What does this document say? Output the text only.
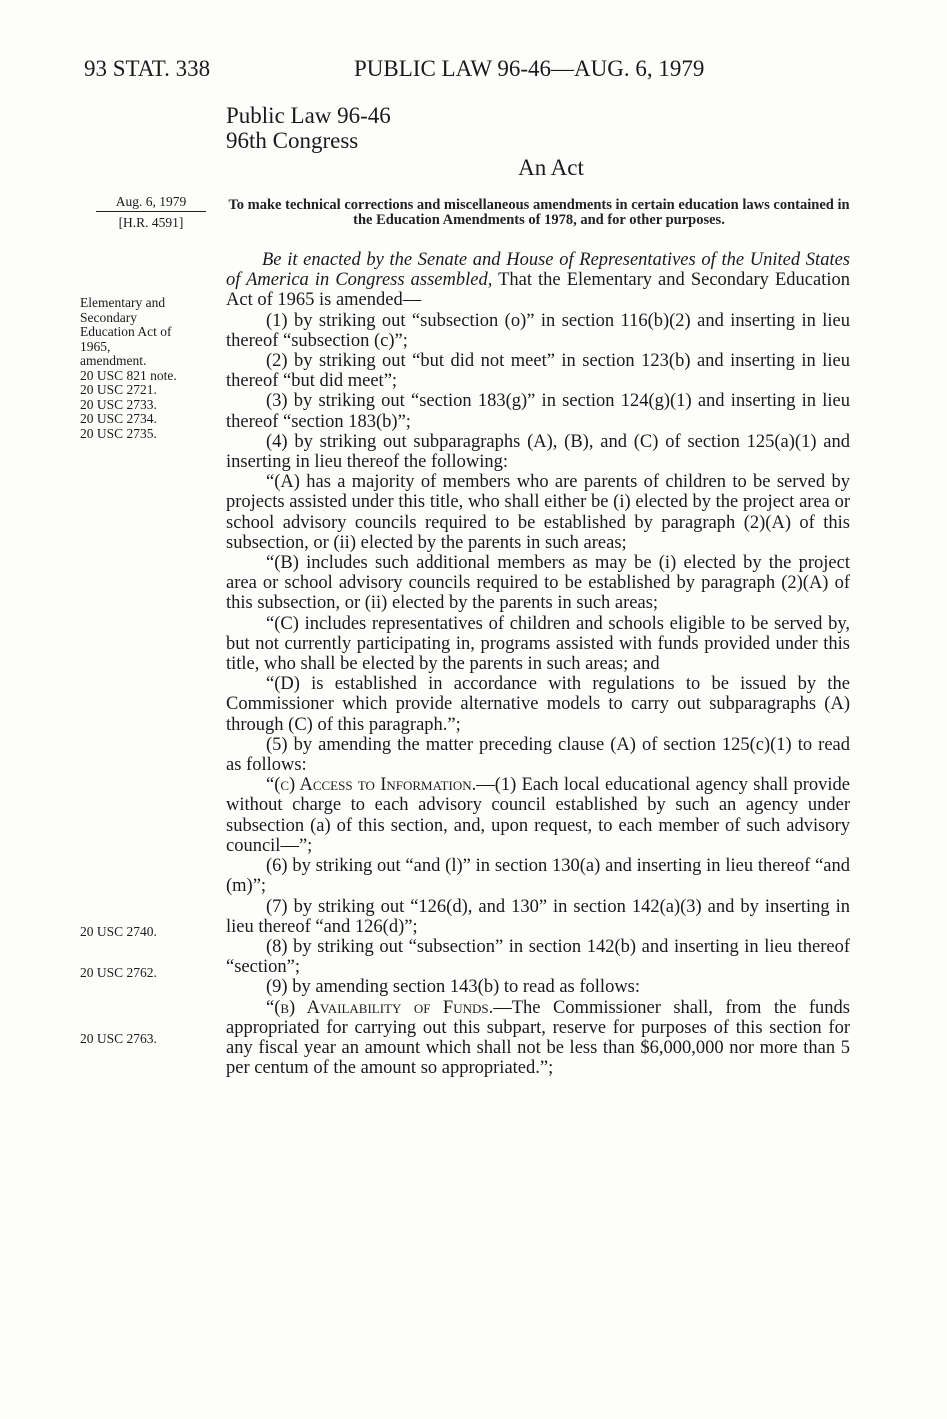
93 STAT. 338	PUBLIC LAW 96-46—AUG. 6, 1979
Public Law 96-46
96th Congress
An Act
Aug. 6, 1979
[H.R. 4591]
To make technical corrections and miscellaneous amendments in certain education laws contained in the Education Amendments of 1978, and for other purposes.
Elementary and
Secondary
Education Act of
1965,
amendment.
20 USC 821 note.
20 USC 2721.
20 USC 2733.
20 USC 2734.
20 USC 2735.
20 USC 2740.
20 USC 2762.
20 USC 2763.

Be it enacted by the Senate and House of Representatives of the United States of America in Congress assembled, That the Elementary and Secondary Education Act of 1965 is amended—

(1) by striking out “subsection (o)” in section 116(b)(2) and inserting in lieu thereof “subsection (c)”;

(2) by striking out “but did not meet” in section 123(b) and inserting in lieu thereof “but did meet”;

(3) by striking out “section 183(g)” in section 124(g)(1) and inserting in lieu thereof “section 183(b)”;

(4) by striking out subparagraphs (A), (B), and (C) of section 125(a)(1) and inserting in lieu thereof the following:

“(A) has a majority of members who are parents of children to be served by projects assisted under this title, who shall either be (i) elected by the project area or school advisory councils required to be established by paragraph (2)(A) of this subsection, or (ii) elected by the parents in such areas;

“(B) includes such additional members as may be (i) elected by the project area or school advisory councils required to be established by paragraph (2)(A) of this subsection, or (ii) elected by the parents in such areas;

“(C) includes representatives of children and schools eligible to be served by, but not currently participating in, programs assisted with funds provided under this title, who shall be elected by the parents in such areas; and

“(D) is established in accordance with regulations to be issued by the Commissioner which provide alternative models to carry out subparagraphs (A) through (C) of this paragraph.”;

(5) by amending the matter preceding clause (A) of section 125(c)(1) to read as follows:

“(c) Access to Information.—(1) Each local educational agency shall provide without charge to each advisory council established by such an agency under subsection (a) of this section, and, upon request, to each member of such advisory council—”;

(6) by striking out “and (l)” in section 130(a) and inserting in lieu thereof “and (m)”;

(7) by striking out “126(d), and 130” in section 142(a)(3) and by inserting in lieu thereof “and 126(d)”;

(8) by striking out “subsection” in section 142(b) and inserting in lieu thereof “section”;

(9) by amending section 143(b) to read as follows:

“(b) Availability of Funds.—The Commissioner shall, from the funds appropriated for carrying out this subpart, reserve for purposes of this section for any fiscal year an amount which shall not be less than $6,000,000 nor more than 5 per centum of the amount so appropriated.”;
